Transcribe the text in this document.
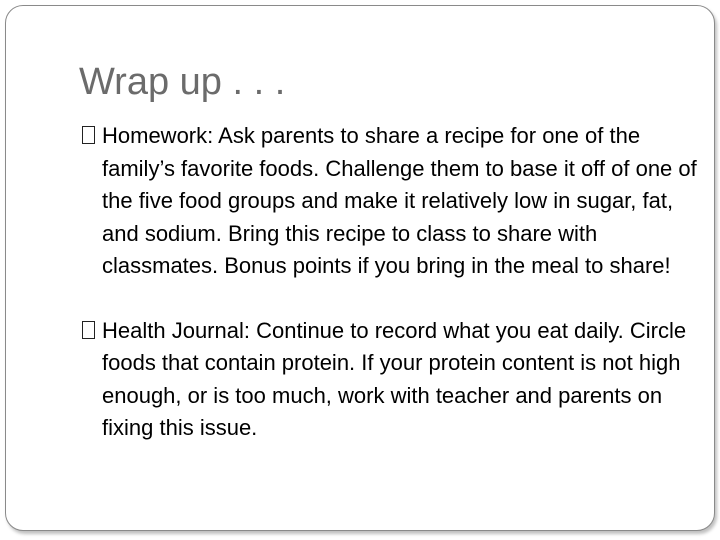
Wrap up . . .
Homework: Ask parents to share a recipe for one of the family’s favorite foods. Challenge them to base it off of one of the five food groups and make it relatively low in sugar, fat, and sodium. Bring this recipe to class to share with classmates. Bonus points if you bring in the meal to share!
Health Journal: Continue to record what you eat daily. Circle foods that contain protein. If your protein content is not high enough, or is too much, work with teacher and parents on fixing this issue.
